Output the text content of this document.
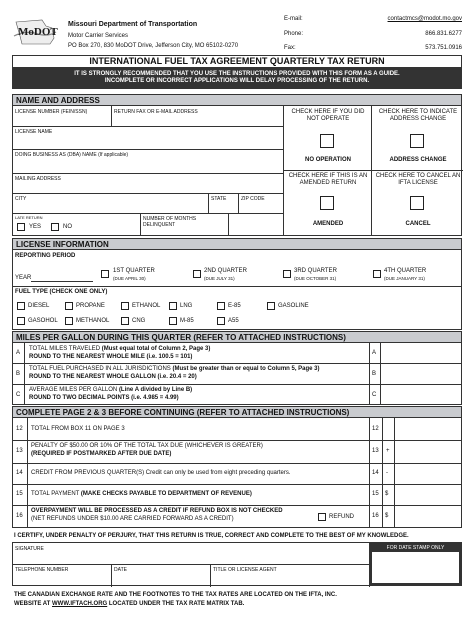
MoDOT
Missouri Department of Transportation
Motor Carrier Services
PO Box 270, 830 MoDOT Drive, Jefferson City, MO 65102-0270
E-mail:	contactmcs@modot.mo.gov
Phone:	866.831.6277
Fax:	573.751.0916
INTERNATIONAL FUEL TAX AGREEMENT QUARTERLY TAX RETURN
IT IS STRONGLY RECOMMENDED THAT YOU USE THE INSTRUCTIONS PROVIDED WITH THIS FORM AS A GUIDE.
INCOMPLETE OR INCORRECT APPLICATIONS WILL DELAY PROCESSING OF THE RETURN.
NAME AND ADDRESS
LICENSE NUMBER (FEIN/SSN)	RETURN FAX OR E-MAIL ADDRESS
LICENSE NAME
DOING BUSINESS AS (DBA) NAME (If applicable)
MAILING ADDRESS
CITY	STATE	ZIP CODE
LATE RETURN
YES	NO
NUMBER OF MONTHS DELINQUENT
CHECK HERE IF YOU DID NOT OPERATE
NO OPERATION
CHECK HERE TO INDICATE ADDRESS CHANGE
ADDRESS CHANGE
CHECK HERE IF THIS IS AN AMENDED RETURN
AMENDED
CHECK HERE TO CANCEL AN IFTA LICENSE
CANCEL
LICENSE INFORMATION
REPORTING PERIOD
YEAR
1ST QUARTER
(DUE APRIL 30)
2ND QUARTER
(DUE JULY 31)
3RD QUARTER
(DUE OCTOBER 31)
4TH QUARTER
(DUE JANUARY 31)
FUEL TYPE (CHECK ONE ONLY)
DIESEL	PROPANE	ETHANOL	LNG	E-85	GASOLINE
GASOHOL	METHANOL	CNG	M-85	A55
MILES PER GALLON DURING THIS QUARTER (REFER TO ATTACHED INSTRUCTIONS)
A
TOTAL MILES TRAVELED (Must equal total of Column 2, Page 3)
ROUND TO THE NEAREST WHOLE MILE (i.e. 100.5 = 101)
A
B
TOTAL FUEL PURCHASED IN ALL JURISDICTIONS (Must be greater than or equal to Column 5, Page 3)
ROUND TO THE NEAREST WHOLE GALLON (i.e. 20.4 = 20)	B
C
AVERAGE MILES PER GALLON (Line A divided by Line B)
ROUND TO TWO DECIMAL POINTS (i.e. 4.985 = 4.99)	C
COMPLETE PAGE 2 & 3 BEFORE CONTINUING (REFER TO ATTACHED INSTRUCTIONS)
12 TOTAL FROM BOX 11 ON PAGE 3	12
13
PENALTY OF $50.00 OR 10% OF THE TOTAL TAX DUE (WHICHEVER IS GREATER)
(REQUIRED IF POSTMARKED AFTER DUE DATE)	13 +
14 CREDIT FROM PREVIOUS QUARTER(S) Credit can only be used from eight preceding quarters.	14 -
15 TOTAL PAYMENT (MAKE CHECKS PAYABLE TO DEPARTMENT OF REVENUE)	15 $
16
OVERPAYMENT WILL BE PROCESSED AS A CREDIT IF REFUND BOX IS NOT CHECKED
(NET REFUNDS UNDER $10.00 ARE CARRIED FORWARD AS A CREDIT)	REFUND	16 $
I CERTIFY, UNDER PENALTY OF PERJURY, THAT THIS RETURN IS TRUE, CORRECT AND COMPLETE TO THE BEST OF MY KNOWLEDGE.
SIGNATURE	FOR DATE STAMP ONLY
TELEPHONE NUMBER	DATE	TITLE OR LICENSE AGENT
THE CANADIAN EXCHANGE RATE AND THE FOOTNOTES TO THE TAX RATES ARE LOCATED ON THE IFTA, INC.
WEBSITE AT WWW.IFTACH.ORG LOCATED UNDER THE TAX RATE MATRIX TAB.
